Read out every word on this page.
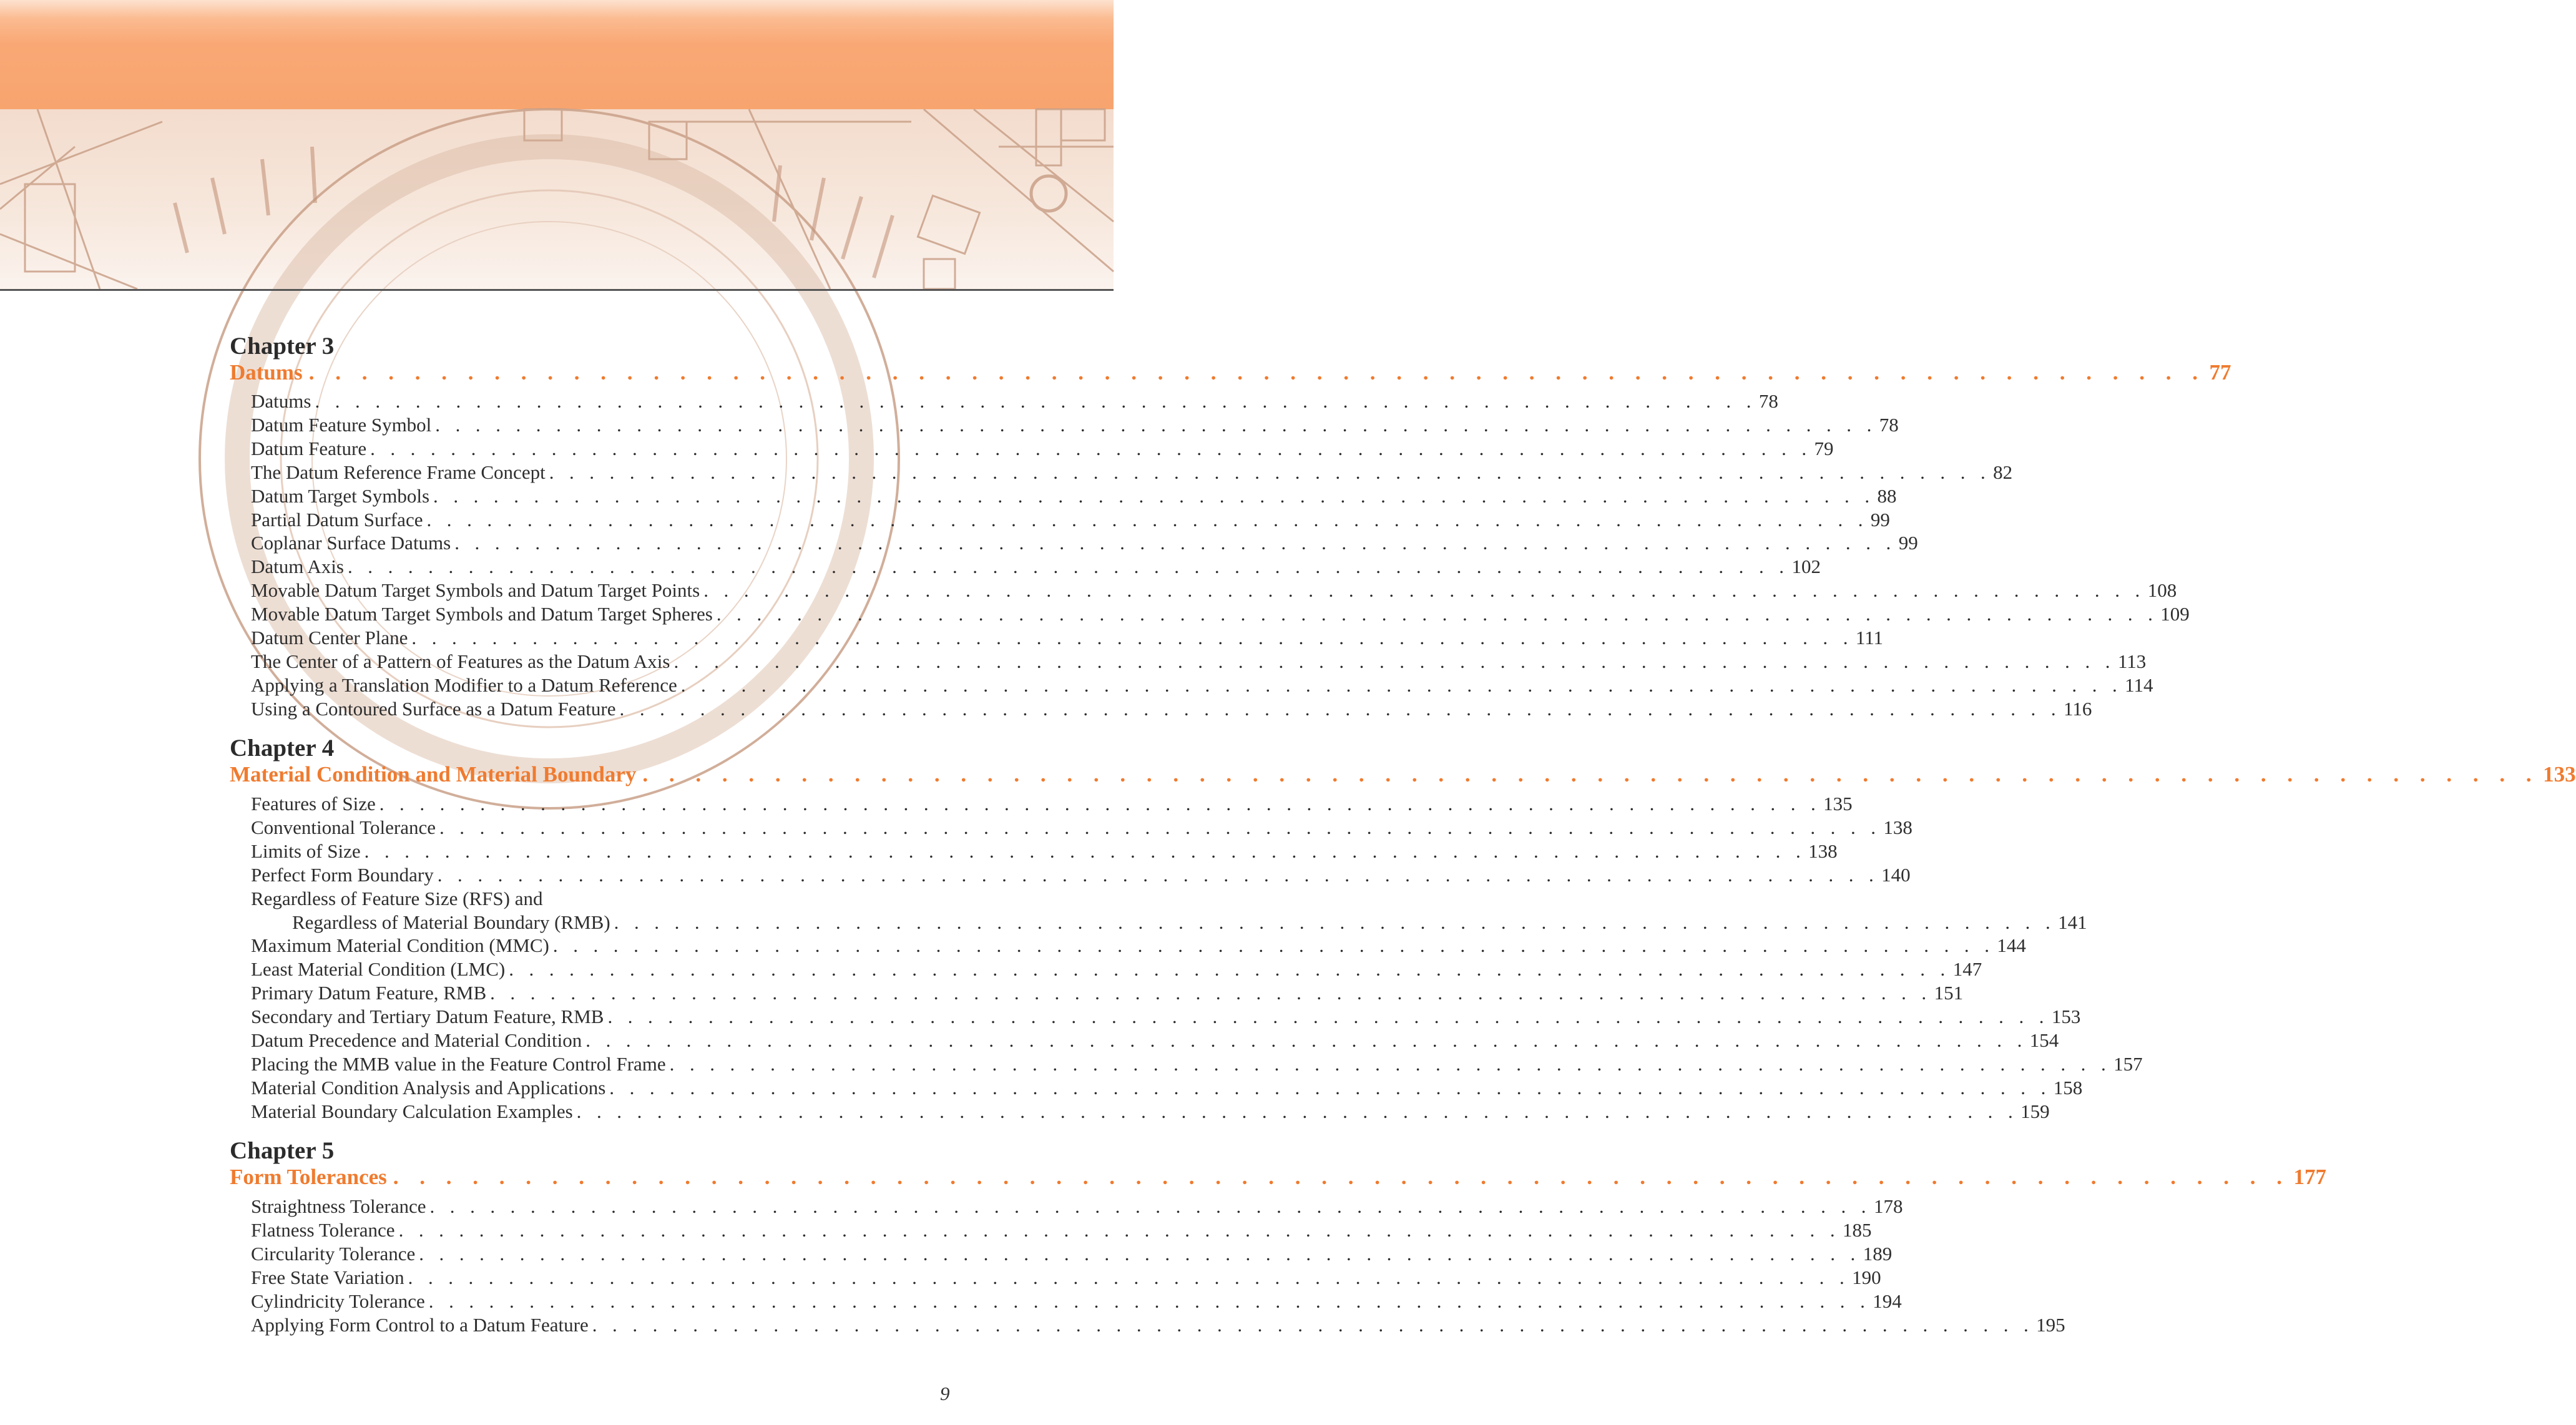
Chapter 3
Datums . . . . . . . . . . . . . . . . . . . . . . . . . . . . . . . . . . . . . . . . . . . . . . . . . . . . . . . . . . . . . . . . . . . . . . . . 77
Datums . . . . . . . . . . . . . . . . . . . . . . . . . . . . . . . . . . . . . . . . . . . . . . . . . . . . . . . . . . . . . . . . . . . . . . . . 78
Datum Feature Symbol . . . . . . . . . . . . . . . . . . . . . . . . . . . . . . . . . . . . . . . . . . . . . . . . . . . . . . . . . . . . . . . . . . . . . . . . 78
Datum Feature . . . . . . . . . . . . . . . . . . . . . . . . . . . . . . . . . . . . . . . . . . . . . . . . . . . . . . . . . . . . . . . . . . . . . . . . 79
The Datum Reference Frame Concept . . . . . . . . . . . . . . . . . . . . . . . . . . . . . . . . . . . . . . . . . . . . . . . . . . . . . . . . . . . . . . . . . . . . . . . . 82
Datum Target Symbols . . . . . . . . . . . . . . . . . . . . . . . . . . . . . . . . . . . . . . . . . . . . . . . . . . . . . . . . . . . . . . . . . . . . . . . . 88
Partial Datum Surface . . . . . . . . . . . . . . . . . . . . . . . . . . . . . . . . . . . . . . . . . . . . . . . . . . . . . . . . . . . . . . . . . . . . . . . . 99
Coplanar Surface Datums . . . . . . . . . . . . . . . . . . . . . . . . . . . . . . . . . . . . . . . . . . . . . . . . . . . . . . . . . . . . . . . . . . . . . . . . 99
Datum Axis . . . . . . . . . . . . . . . . . . . . . . . . . . . . . . . . . . . . . . . . . . . . . . . . . . . . . . . . . . . . . . . . . . . . . . . . 102
Movable Datum Target Symbols and Datum Target Points . . . . . . . . . . . . . . . . . . . . . . . . . . . . . . . . . . . . . . . . . . . . . . . . . . . . . . . . . . . . . . . . . . . . . . . . 108
Movable Datum Target Symbols and Datum Target Spheres . . . . . . . . . . . . . . . . . . . . . . . . . . . . . . . . . . . . . . . . . . . . . . . . . . . . . . . . . . . . . . . . . . . . . . . . 109
Datum Center Plane . . . . . . . . . . . . . . . . . . . . . . . . . . . . . . . . . . . . . . . . . . . . . . . . . . . . . . . . . . . . . . . . . . . . . . . . 111
The Center of a Pattern of Features as the Datum Axis . . . . . . . . . . . . . . . . . . . . . . . . . . . . . . . . . . . . . . . . . . . . . . . . . . . . . . . . . . . . . . . . . . . . . . . . 113
Applying a Translation Modifier to a Datum Reference . . . . . . . . . . . . . . . . . . . . . . . . . . . . . . . . . . . . . . . . . . . . . . . . . . . . . . . . . . . . . . . . . . . . . . . . 114
Using a Contoured Surface as a Datum Feature . . . . . . . . . . . . . . . . . . . . . . . . . . . . . . . . . . . . . . . . . . . . . . . . . . . . . . . . . . . . . . . . . . . . . . . . 116
Chapter 4
Material Condition and Material Boundary . . . . . . . . . . . . . . . . . . . . . . . . . . . . . . . . . . . . . . . . . . . . . . . . . . . . . . . . . . . . . . . . . . . . . . . . 133
Features of Size . . . . . . . . . . . . . . . . . . . . . . . . . . . . . . . . . . . . . . . . . . . . . . . . . . . . . . . . . . . . . . . . . . . . . . . . 135
Conventional Tolerance . . . . . . . . . . . . . . . . . . . . . . . . . . . . . . . . . . . . . . . . . . . . . . . . . . . . . . . . . . . . . . . . . . . . . . . . 138
Limits of Size . . . . . . . . . . . . . . . . . . . . . . . . . . . . . . . . . . . . . . . . . . . . . . . . . . . . . . . . . . . . . . . . . . . . . . . . 138
Perfect Form Boundary . . . . . . . . . . . . . . . . . . . . . . . . . . . . . . . . . . . . . . . . . . . . . . . . . . . . . . . . . . . . . . . . . . . . . . . . 140
Regardless of Feature Size (RFS) and
Regardless of Material Boundary (RMB) . . . . . . . . . . . . . . . . . . . . . . . . . . . . . . . . . . . . . . . . . . . . . . . . . . . . . . . . . . . . . . . . . . . . . . . . 141
Maximum Material Condition (MMC) . . . . . . . . . . . . . . . . . . . . . . . . . . . . . . . . . . . . . . . . . . . . . . . . . . . . . . . . . . . . . . . . . . . . . . . . 144
Least Material Condition (LMC) . . . . . . . . . . . . . . . . . . . . . . . . . . . . . . . . . . . . . . . . . . . . . . . . . . . . . . . . . . . . . . . . . . . . . . . . 147
Primary Datum Feature, RMB . . . . . . . . . . . . . . . . . . . . . . . . . . . . . . . . . . . . . . . . . . . . . . . . . . . . . . . . . . . . . . . . . . . . . . . . 151
Secondary and Tertiary Datum Feature, RMB . . . . . . . . . . . . . . . . . . . . . . . . . . . . . . . . . . . . . . . . . . . . . . . . . . . . . . . . . . . . . . . . . . . . . . . . 153
Datum Precedence and Material Condition . . . . . . . . . . . . . . . . . . . . . . . . . . . . . . . . . . . . . . . . . . . . . . . . . . . . . . . . . . . . . . . . . . . . . . . . 154
Placing the MMB value in the Feature Control Frame . . . . . . . . . . . . . . . . . . . . . . . . . . . . . . . . . . . . . . . . . . . . . . . . . . . . . . . . . . . . . . . . . . . . . . . . 157
Material Condition Analysis and Applications . . . . . . . . . . . . . . . . . . . . . . . . . . . . . . . . . . . . . . . . . . . . . . . . . . . . . . . . . . . . . . . . . . . . . . . . 158
Material Boundary Calculation Examples . . . . . . . . . . . . . . . . . . . . . . . . . . . . . . . . . . . . . . . . . . . . . . . . . . . . . . . . . . . . . . . . . . . . . . . . 159
Chapter 5
Form Tolerances . . . . . . . . . . . . . . . . . . . . . . . . . . . . . . . . . . . . . . . . . . . . . . . . . . . . . . . . . . . . . . . . . . . . . . . . 177
Straightness Tolerance . . . . . . . . . . . . . . . . . . . . . . . . . . . . . . . . . . . . . . . . . . . . . . . . . . . . . . . . . . . . . . . . . . . . . . . . 178
Flatness Tolerance . . . . . . . . . . . . . . . . . . . . . . . . . . . . . . . . . . . . . . . . . . . . . . . . . . . . . . . . . . . . . . . . . . . . . . . . 185
Circularity Tolerance . . . . . . . . . . . . . . . . . . . . . . . . . . . . . . . . . . . . . . . . . . . . . . . . . . . . . . . . . . . . . . . . . . . . . . . . 189
Free State Variation . . . . . . . . . . . . . . . . . . . . . . . . . . . . . . . . . . . . . . . . . . . . . . . . . . . . . . . . . . . . . . . . . . . . . . . . 190
Cylindricity Tolerance . . . . . . . . . . . . . . . . . . . . . . . . . . . . . . . . . . . . . . . . . . . . . . . . . . . . . . . . . . . . . . . . . . . . . . . . 194
Applying Form Control to a Datum Feature . . . . . . . . . . . . . . . . . . . . . . . . . . . . . . . . . . . . . . . . . . . . . . . . . . . . . . . . . . . . . . . . . . . . . . . . 195
9
